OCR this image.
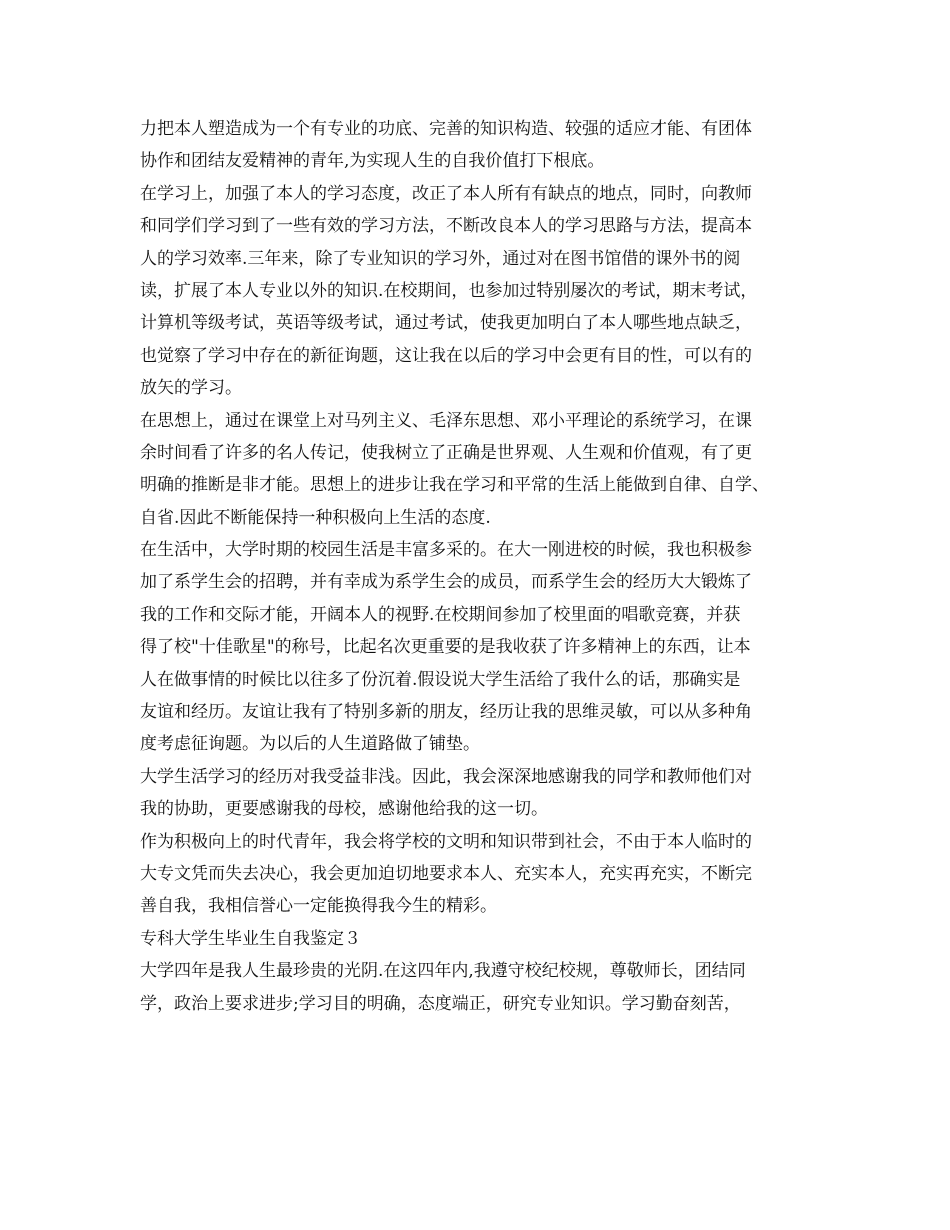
力把本人塑造成为一个有专业的功底、完善的知识构造、较强的适应才能、有团体
协作和团结友爱精神的青年,为实现人生的自我价值打下根底。
在学习上，加强了本人的学习态度，改正了本人所有有缺点的地点，同时，向教师
和同学们学习到了一些有效的学习方法，不断改良本人的学习思路与方法，提高本
人的学习效率.三年来，除了专业知识的学习外，通过对在图书馆借的课外书的阅
读，扩展了本人专业以外的知识.在校期间，也参加过特别屡次的考试，期末考试，
计算机等级考试，英语等级考试，通过考试，使我更加明白了本人哪些地点缺乏，
也觉察了学习中存在的新征询题，这让我在以后的学习中会更有目的性，可以有的
放矢的学习。
在思想上，通过在课堂上对马列主义、毛泽东思想、邓小平理论的系统学习，在课
余时间看了许多的名人传记，使我树立了正确是世界观、人生观和价值观，有了更
明确的推断是非才能。思想上的进步让我在学习和平常的生活上能做到自律、自学、
自省.因此不断能保持一种积极向上生活的态度.
在生活中，大学时期的校园生活是丰富多采的。在大一刚进校的时候，我也积极参
加了系学生会的招聘，并有幸成为系学生会的成员，而系学生会的经历大大锻炼了
我的工作和交际才能，开阔本人的视野.在校期间参加了校里面的唱歌竞赛，并获
得了校"十佳歌星"的称号，比起名次更重要的是我收获了许多精神上的东西，让本
人在做事情的时候比以往多了份沉着.假设说大学生活给了我什么的话，那确实是
友谊和经历。友谊让我有了特别多新的朋友，经历让我的思维灵敏，可以从多种角
度考虑征询题。为以后的人生道路做了铺垫。
大学生活学习的经历对我受益非浅。因此，我会深深地感谢我的同学和教师他们对
我的协助，更要感谢我的母校，感谢他给我的这一切。
作为积极向上的时代青年，我会将学校的文明和知识带到社会，不由于本人临时的
大专文凭而失去决心，我会更加迫切地要求本人、充实本人，充实再充实，不断完
善自我，我相信誉心一定能换得我今生的精彩。
专科大学生毕业生自我鉴定３
大学四年是我人生最珍贵的光阴.在这四年内,我遵守校纪校规，尊敬师长，团结同
学，政治上要求进步;学习目的明确，态度端正，研究专业知识。学习勤奋刻苦，
